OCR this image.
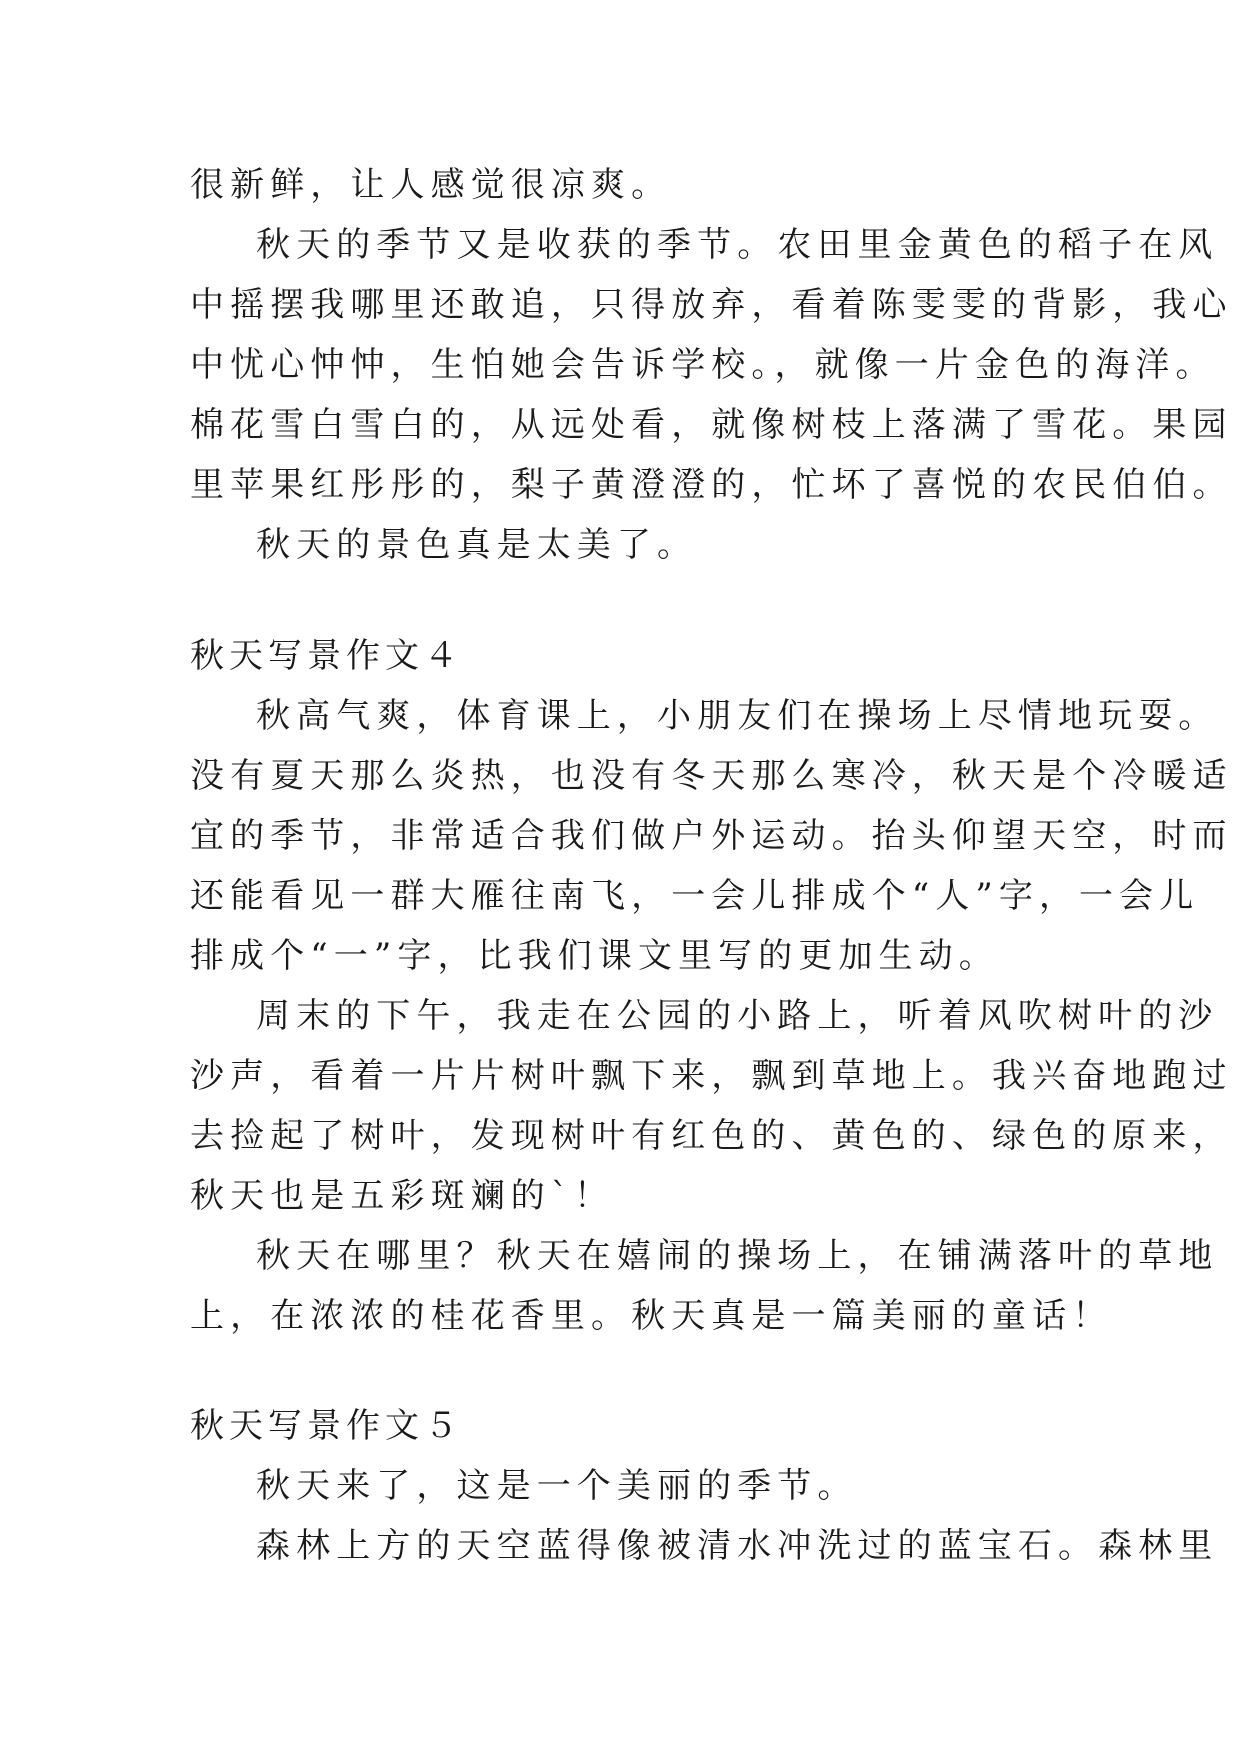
很新鲜，让人感觉很凉爽。
秋天的季节又是收获的季节。农田里金黄色的稻子在风
中摇摆我哪里还敢追，只得放弃，看着陈雯雯的背影，我心
中忧心忡忡，生怕她会告诉学校。，就像一片金色的海洋。
棉花雪白雪白的，从远处看，就像树枝上落满了雪花。果园
里苹果红彤彤的，梨子黄澄澄的，忙坏了喜悦的农民伯伯。
秋天的景色真是太美了。
秋天写景作文４
秋高气爽，体育课上，小朋友们在操场上尽情地玩耍。
没有夏天那么炎热，也没有冬天那么寒冷，秋天是个冷暖适
宜的季节，非常适合我们做户外运动。抬头仰望天空，时而
还能看见一群大雁往南飞，一会儿排成个“人”字，一会儿
排成个“一”字，比我们课文里写的更加生动。
周末的下午，我走在公园的小路上，听着风吹树叶的沙
沙声，看着一片片树叶飘下来，飘到草地上。我兴奋地跑过
去捡起了树叶，发现树叶有红色的、黄色的、绿色的原来，
秋天也是五彩斑斓的`！
秋天在哪里？秋天在嬉闹的操场上，在铺满落叶的草地
上，在浓浓的桂花香里。秋天真是一篇美丽的童话！
秋天写景作文５
秋天来了，这是一个美丽的季节。
森林上方的天空蓝得像被清水冲洗过的蓝宝石。森林里
